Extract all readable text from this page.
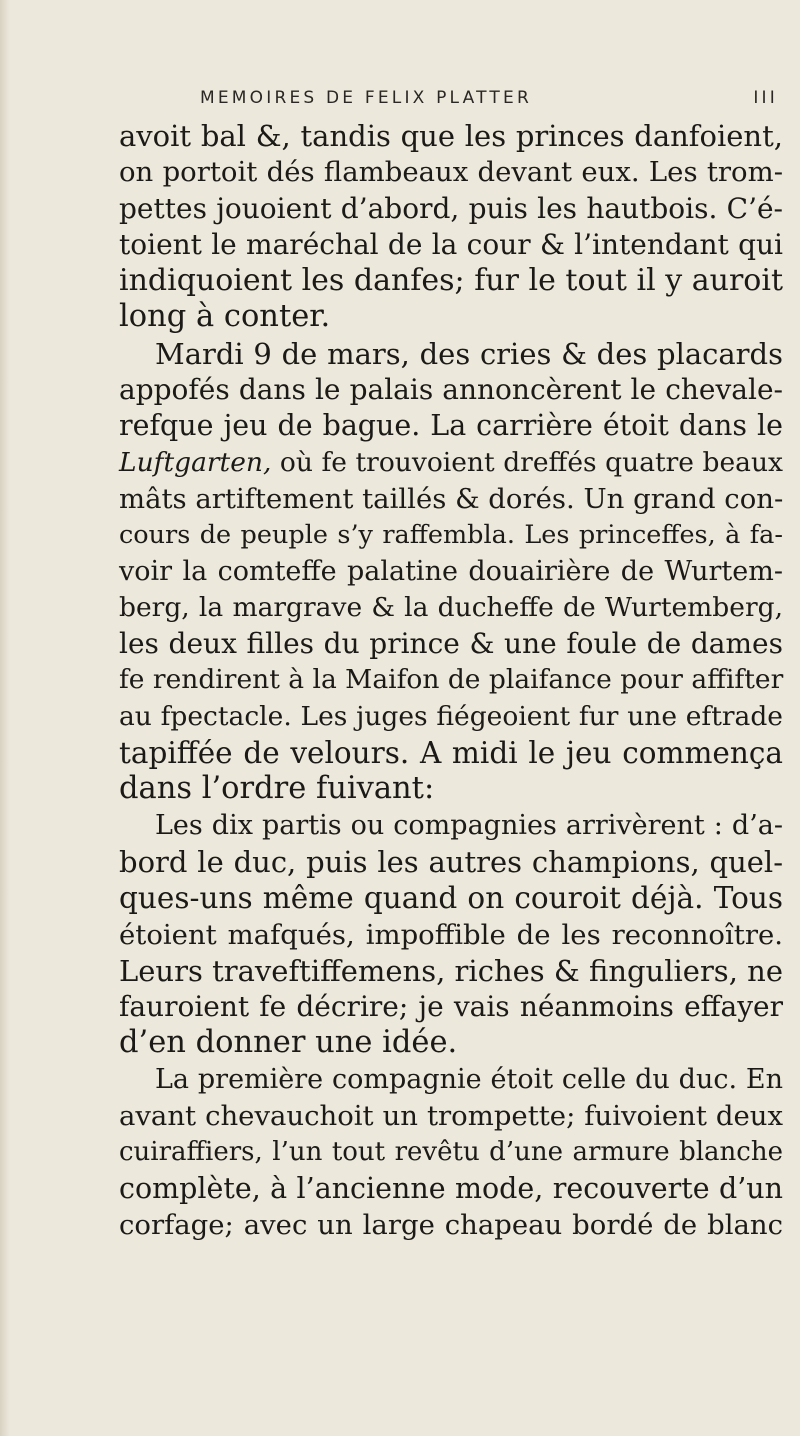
MEMOIRES DE FELIX PLATTER	III
avoit bal &, tandis que les princes danfoient,
on portoit dés flambeaux devant eux. Les trom-
pettes jouoient d’abord, puis les hautbois. C’é-
toient le maréchal de la cour & l’intendant qui
indiquoient les danfes; fur le tout il y auroit
long à conter.
Mardi 9 de mars, des cries & des placards
appofés dans le palais annoncèrent le chevale-
refque jeu de bague. La carrière étoit dans le
Luftgarten, où fe trouvoient dreffés quatre beaux
mâts artiftement taillés & dorés. Un grand con-
cours de peuple s’y raffembla. Les princeffes, à fa-
voir la comteffe palatine douairière de Wurtem-
berg, la margrave & la ducheffe de Wurtemberg,
les deux filles du prince & une foule de dames
fe rendirent à la Maifon de plaifance pour affifter
au fpectacle. Les juges fiégeoient fur une eftrade
tapiffée de velours. A midi le jeu commença
dans l’ordre fuivant:
Les dix partis ou compagnies arrivèrent : d’a-
bord le duc, puis les autres champions, quel-
ques-uns même quand on couroit déjà. Tous
étoient mafqués, impoffible de les reconnoître.
Leurs traveftiffemens, riches & finguliers, ne
fauroient fe décrire; je vais néanmoins effayer
d’en donner une idée.
La première compagnie étoit celle du duc. En
avant chevauchoit un trompette; fuivoient deux
cuiraffiers, l’un tout revêtu d’une armure blanche
complète, à l’ancienne mode, recouverte d’un
corfage; avec un large chapeau bordé de blanc
